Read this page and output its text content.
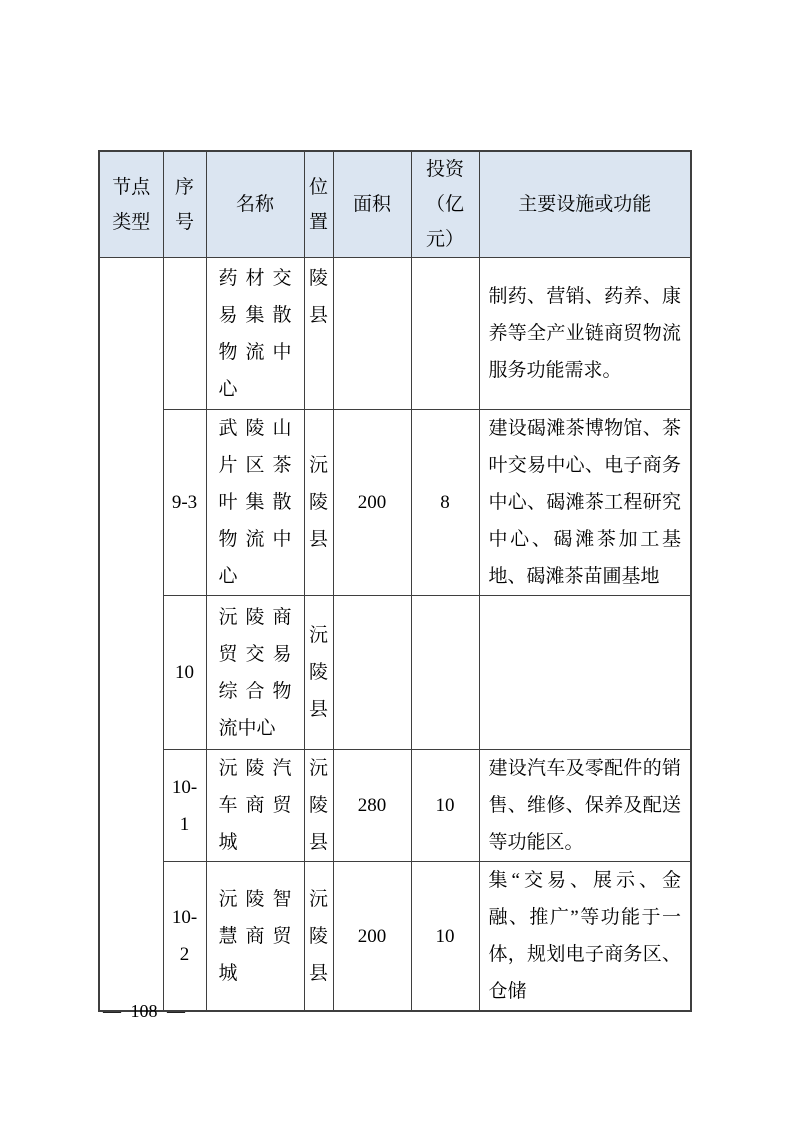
节点类型	序号	名称	位置	面积	投资（亿元）	主要设施或功能
		药材交易集散物流中心	陵县			制药、营销、药养、康养等全产业链商贸物流服务功能需求。
	9-3	武陵山片区茶叶集散物流中心	沅陵县	200	8	建设碣滩茶博物馆、茶叶交易中心、电子商务中心、碣滩茶工程研究中心、碣滩茶加工基地、碣滩茶苗圃基地
	10	沅陵商贸交易综合物流中心	沅陵县			
	10-1	沅陵汽车商贸城	沅陵县	280	10	建设汽车及零配件的销售、维修、保养及配送等功能区。
	10-2	沅陵智慧商贸城	沅陵县	200	10	集“交易、展示、金融、推广”等功能于一体，规划电子商务区、仓储
— 108 —
